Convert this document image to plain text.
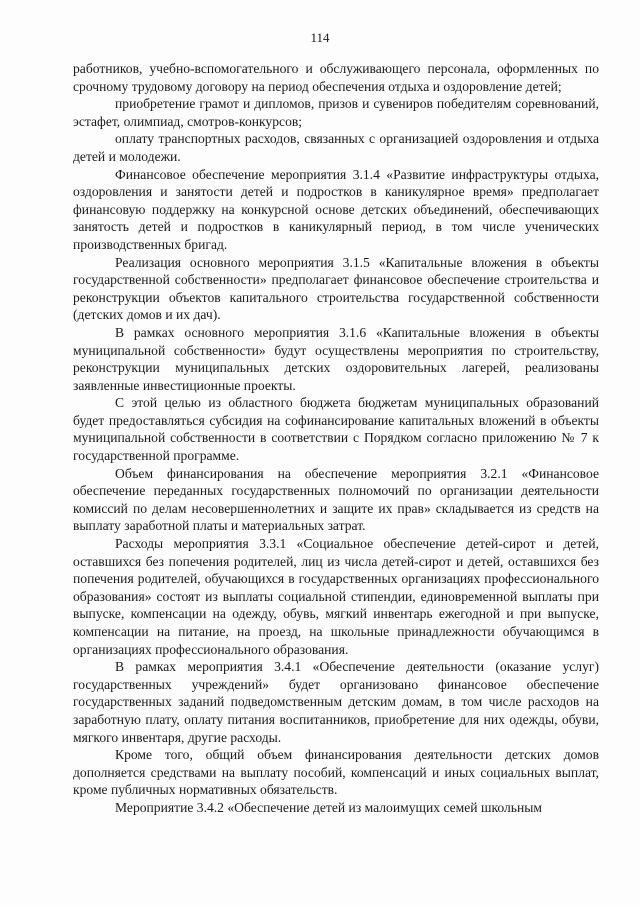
114

работников, учебно-вспомогательного и обслуживающего персонала, оформленных по срочному трудовому договору на период обеспечения отдыха и оздоровление детей;

приобретение грамот и дипломов, призов и сувениров победителям соревнований, эстафет, олимпиад, смотров-конкурсов;

оплату транспортных расходов, связанных с организацией оздоровления и отдыха детей и молодежи.

Финансовое обеспечение мероприятия 3.1.4 «Развитие инфраструктуры отдыха, оздоровления и занятости детей и подростков в каникулярное время» предполагает финансовую поддержку на конкурсной основе детских объединений, обеспечивающих занятость детей и подростков в каникулярный период, в том числе ученических производственных бригад.

Реализация основного мероприятия 3.1.5 «Капитальные вложения в объекты государственной собственности» предполагает финансовое обеспечение строительства и реконструкции объектов капитального строительства государственной собственности (детских домов и их дач).

В рамках основного мероприятия 3.1.6 «Капитальные вложения в объекты муниципальной собственности» будут осуществлены мероприятия по строительству, реконструкции муниципальных детских оздоровительных лагерей, реализованы заявленные инвестиционные проекты.

С этой целью из областного бюджета бюджетам муниципальных образований будет предоставляться субсидия на софинансирование капитальных вложений в объекты муниципальной собственности в соответствии с Порядком согласно приложению № 7 к государственной программе.

Объем финансирования на обеспечение мероприятия 3.2.1 «Финансовое обеспечение переданных государственных полномочий по организации деятельности комиссий по делам несовершеннолетних и защите их прав» складывается из средств на выплату заработной платы и материальных затрат.

Расходы мероприятия 3.3.1 «Социальное обеспечение детей-сирот и детей, оставшихся без попечения родителей, лиц из числа детей-сирот и детей, оставшихся без попечения родителей, обучающихся в государственных организациях профессионального образования» состоят из выплаты социальной стипендии, единовременной выплаты при выпуске, компенсации на одежду, обувь, мягкий инвентарь ежегодной и при выпуске, компенсации на питание, на проезд, на школьные принадлежности обучающимся в организациях профессионального образования.

В рамках мероприятия 3.4.1 «Обеспечение деятельности (оказание услуг) государственных учреждений» будет организовано финансовое обеспечение государственных заданий подведомственным детским домам, в том числе расходов на заработную плату, оплату питания воспитанников, приобретение для них одежды, обуви, мягкого инвентаря, другие расходы.

Кроме того, общий объем финансирования деятельности детских домов дополняется средствами на выплату пособий, компенсаций и иных социальных выплат, кроме публичных нормативных обязательств.

Мероприятие 3.4.2 «Обеспечение детей из малоимущих семей школьным
